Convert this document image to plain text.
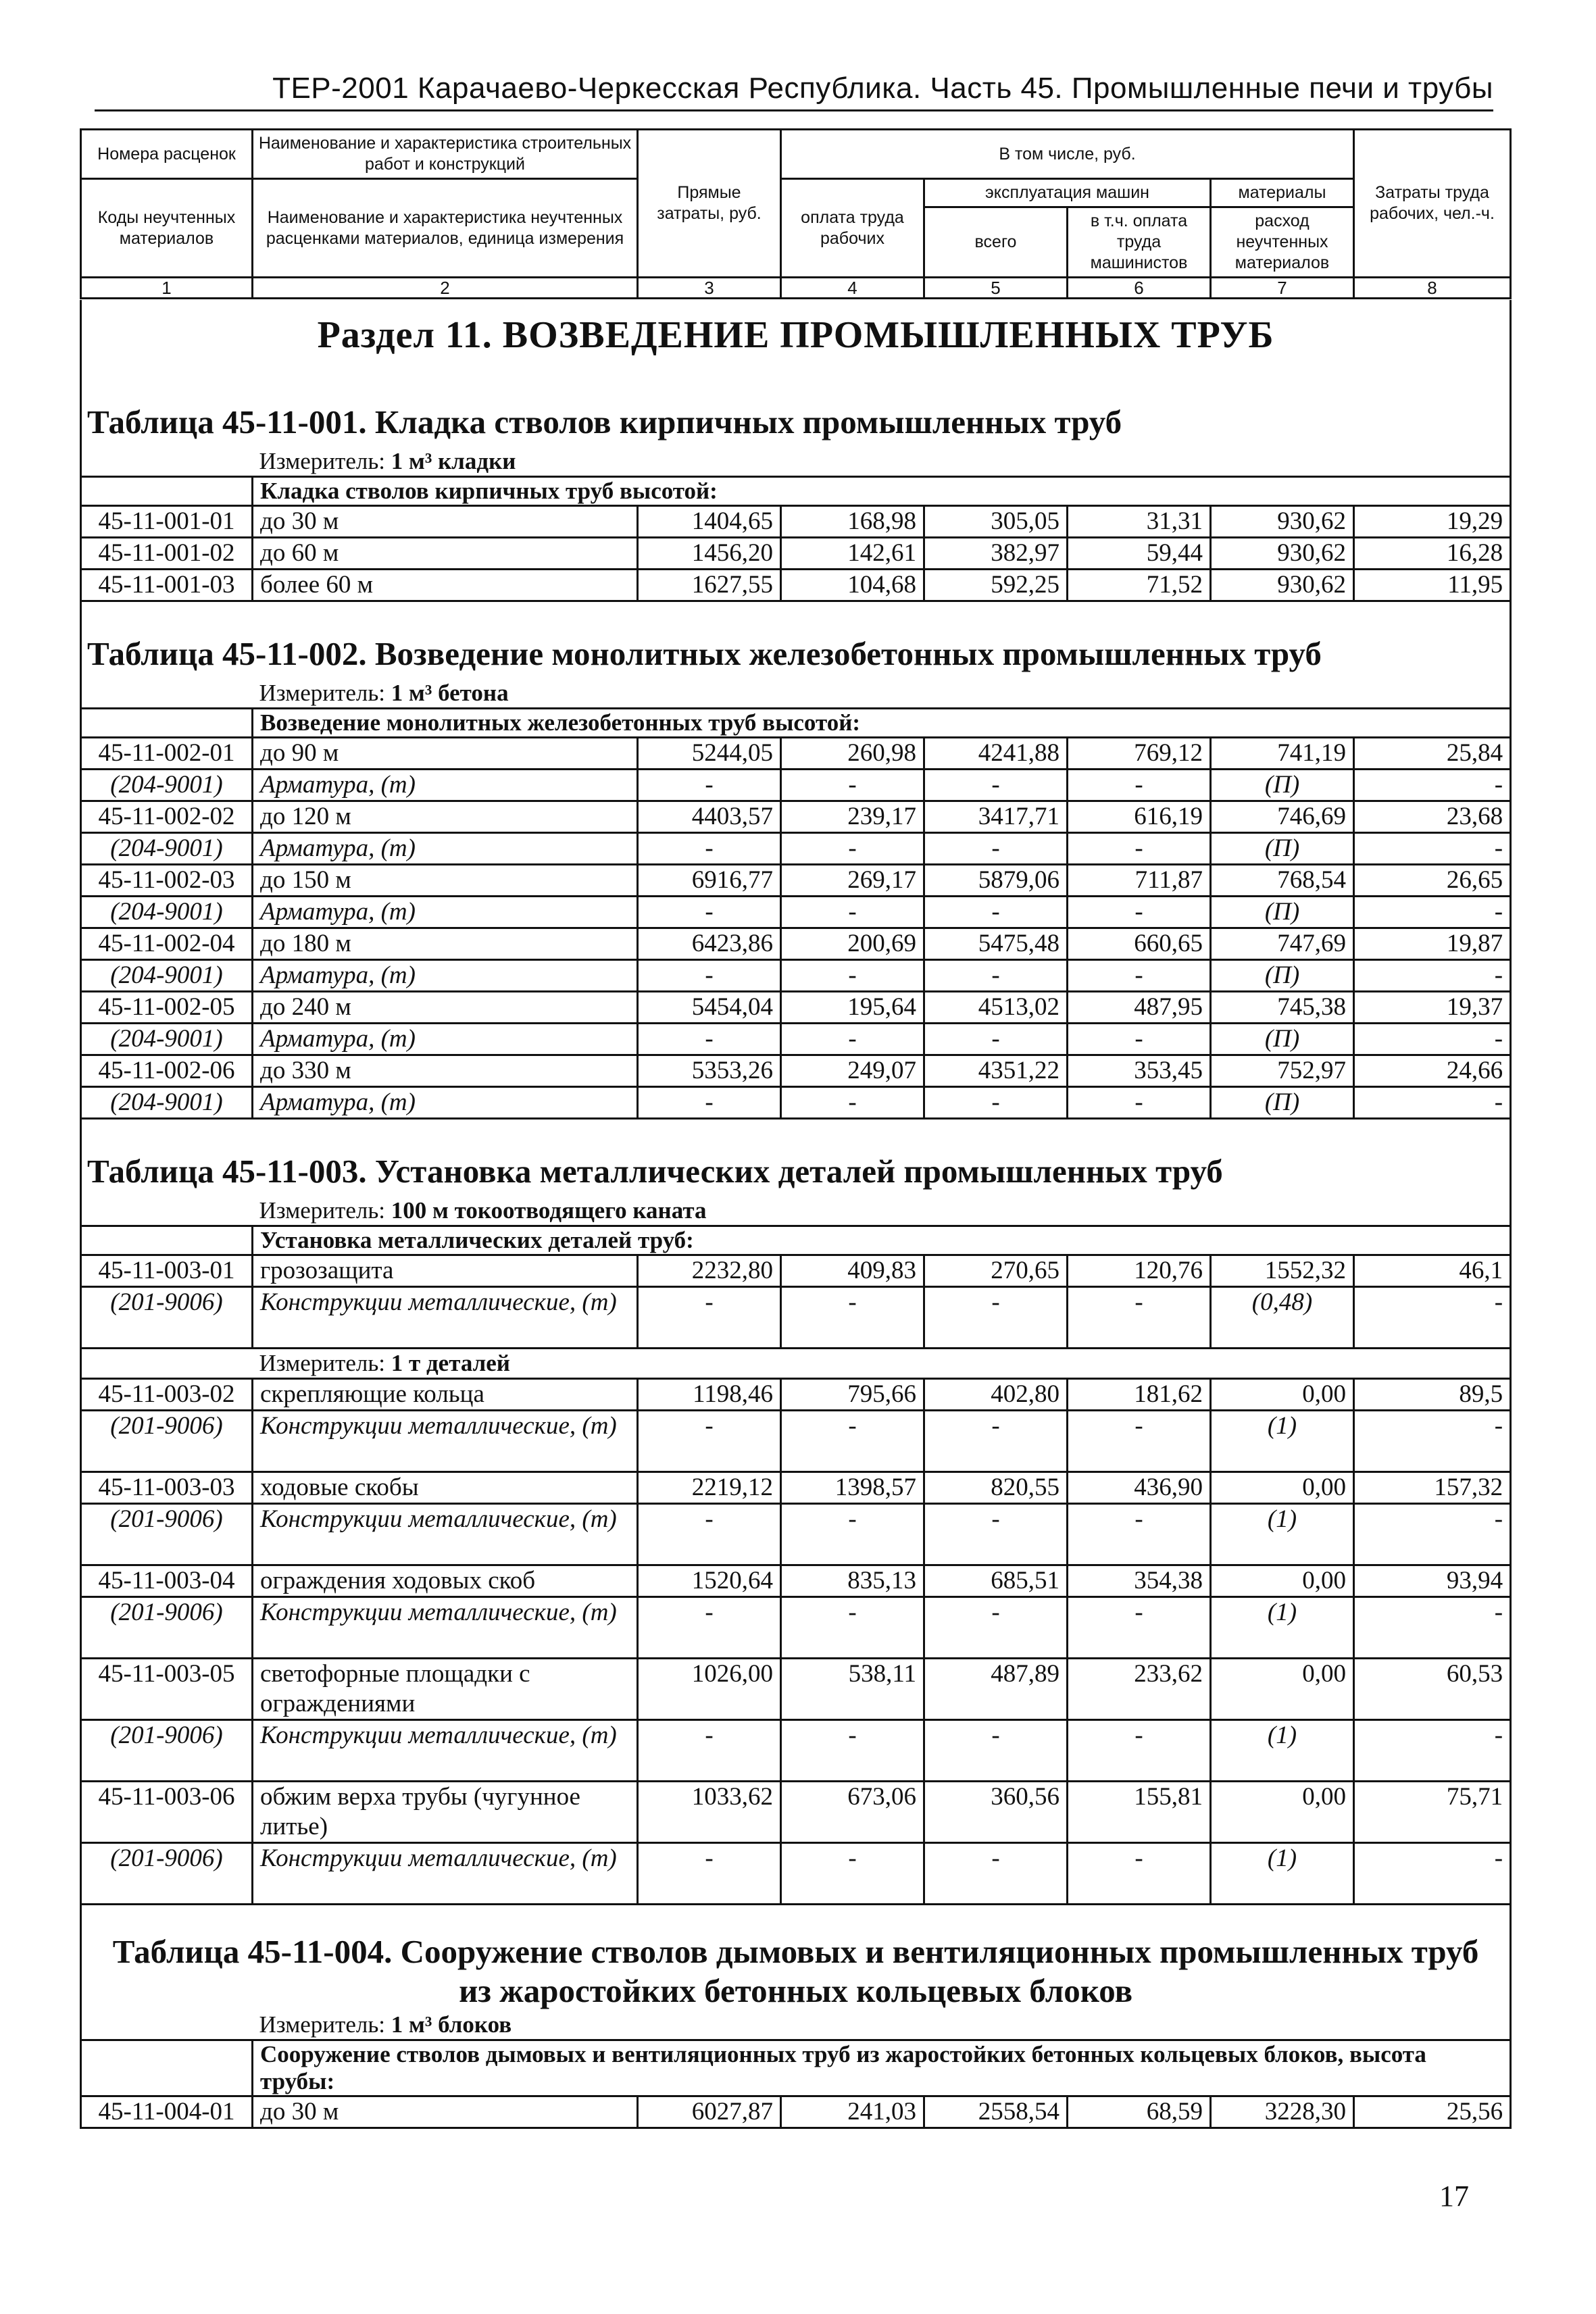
ТЕР-2001 Карачаево-Черкесская Республика. Часть 45. Промышленные печи и трубы
Номера расценок	Наименование и характеристика строительных работ и конструкций	Прямые затраты, руб.	В том числе, руб.				Затраты труда рабочих, чел.-ч.
Коды неучтенных материалов	Наименование и характеристика неучтенных расценками материалов, единица измерения		оплата труда рабочих	эксплуатация машин		материалы	
				всего	в т.ч. оплата труда машинистов	расход неучтенных материалов	
1	2	3	4	5	6	7	8
Раздел 11. ВОЗВЕДЕНИЕ ПРОМЫШЛЕННЫХ ТРУБ							

Таблица 45-11-001. Кладка стволов кирпичных промышленных труб							
	Измеритель: 1 м³ кладки						
	Кладка стволов кирпичных труб высотой:						
45-11-001-01	до 30 м	1404,65	168,98	305,05	31,31	930,62	19,29
45-11-001-02	до 60 м	1456,20	142,61	382,97	59,44	930,62	16,28
45-11-001-03	более 60 м	1627,55	104,68	592,25	71,52	930,62	11,95

Таблица 45-11-002. Возведение монолитных железобетонных промышленных труб							
	Измеритель: 1 м³ бетона						
	Возведение монолитных железобетонных труб высотой:						
45-11-002-01	до 90 м	5244,05	260,98	4241,88	769,12	741,19	25,84
(204-9001)	Арматура, (т)	-	-	-	-	(П)	-
45-11-002-02	до 120 м	4403,57	239,17	3417,71	616,19	746,69	23,68
(204-9001)	Арматура, (т)	-	-	-	-	(П)	-
45-11-002-03	до 150 м	6916,77	269,17	5879,06	711,87	768,54	26,65
(204-9001)	Арматура, (т)	-	-	-	-	(П)	-
45-11-002-04	до 180 м	6423,86	200,69	5475,48	660,65	747,69	19,87
(204-9001)	Арматура, (т)	-	-	-	-	(П)	-
45-11-002-05	до 240 м	5454,04	195,64	4513,02	487,95	745,38	19,37
(204-9001)	Арматура, (т)	-	-	-	-	(П)	-
45-11-002-06	до 330 м	5353,26	249,07	4351,22	353,45	752,97	24,66
(204-9001)	Арматура, (т)	-	-	-	-	(П)	-

Таблица 45-11-003. Установка металлических деталей промышленных труб							
	Измеритель: 100 м токоотводящего каната						
	Установка металлических деталей труб:						
45-11-003-01	грозозащита	2232,80	409,83	270,65	120,76	1552,32	46,1
(201-9006)	Конструкции металлические, (т)	-	-	-	-	(0,48)	-
	Измеритель: 1 т деталей						
45-11-003-02	скрепляющие кольца	1198,46	795,66	402,80	181,62	0,00	89,5
(201-9006)	Конструкции металлические, (т)	-	-	-	-	(1)	-
45-11-003-03	ходовые скобы	2219,12	1398,57	820,55	436,90	0,00	157,32
(201-9006)	Конструкции металлические, (т)	-	-	-	-	(1)	-
45-11-003-04	ограждения ходовых скоб	1520,64	835,13	685,51	354,38	0,00	93,94
(201-9006)	Конструкции металлические, (т)	-	-	-	-	(1)	-
45-11-003-05	светофорные площадки с ограждениями	1026,00	538,11	487,89	233,62	0,00	60,53
(201-9006)	Конструкции металлические, (т)	-	-	-	-	(1)	-
45-11-003-06	обжим верха трубы (чугунное литье)	1033,62	673,06	360,56	155,81	0,00	75,71
(201-9006)	Конструкции металлические, (т)	-	-	-	-	(1)	-

Таблица 45-11-004. Сооружение стволов дымовых и вентиляционных промышленных труб							
из жаростойких бетонных кольцевых блоков							
	Измеритель: 1 м³ блоков						
	Сооружение стволов дымовых и вентиляционных труб из жаростойких бетонных кольцевых блоков, высота трубы:						
45-11-004-01	до 30 м	6027,87	241,03	2558,54	68,59	3228,30	25,56
17
